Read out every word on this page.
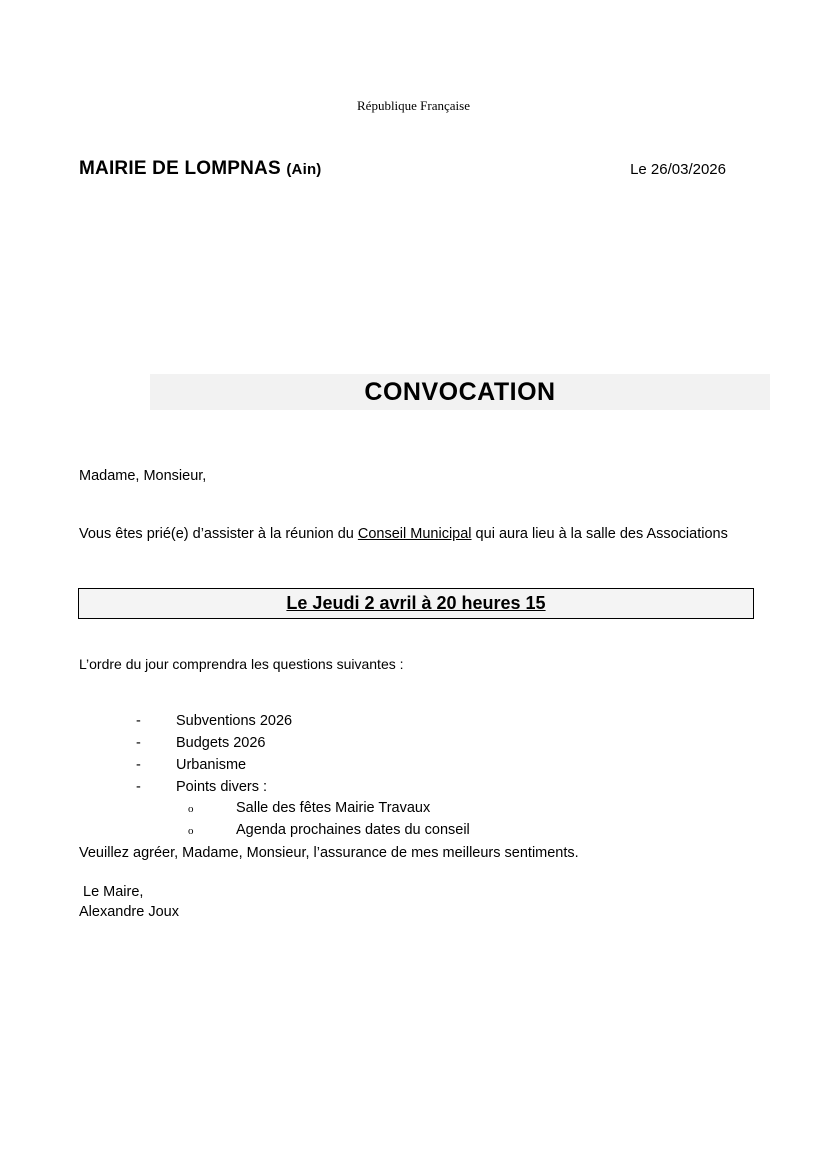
République Française
MAIRIE DE LOMPNAS (Ain)	Le 26/03/2026
CONVOCATION
Madame, Monsieur,
Vous êtes prié(e) d’assister à la réunion du Conseil Municipal qui aura lieu à la salle des Associations
Le Jeudi 2 avril à 20 heures 15
L’ordre du jour comprendra les questions suivantes :
-	Subventions 2026
-	Budgets 2026
-	Urbanisme
-	Points divers :
o	Salle des fêtes Mairie Travaux
o	Agenda prochaines dates du conseil
Veuillez agréer, Madame, Monsieur, l’assurance de mes meilleurs sentiments.
Le Maire,
Alexandre Joux
